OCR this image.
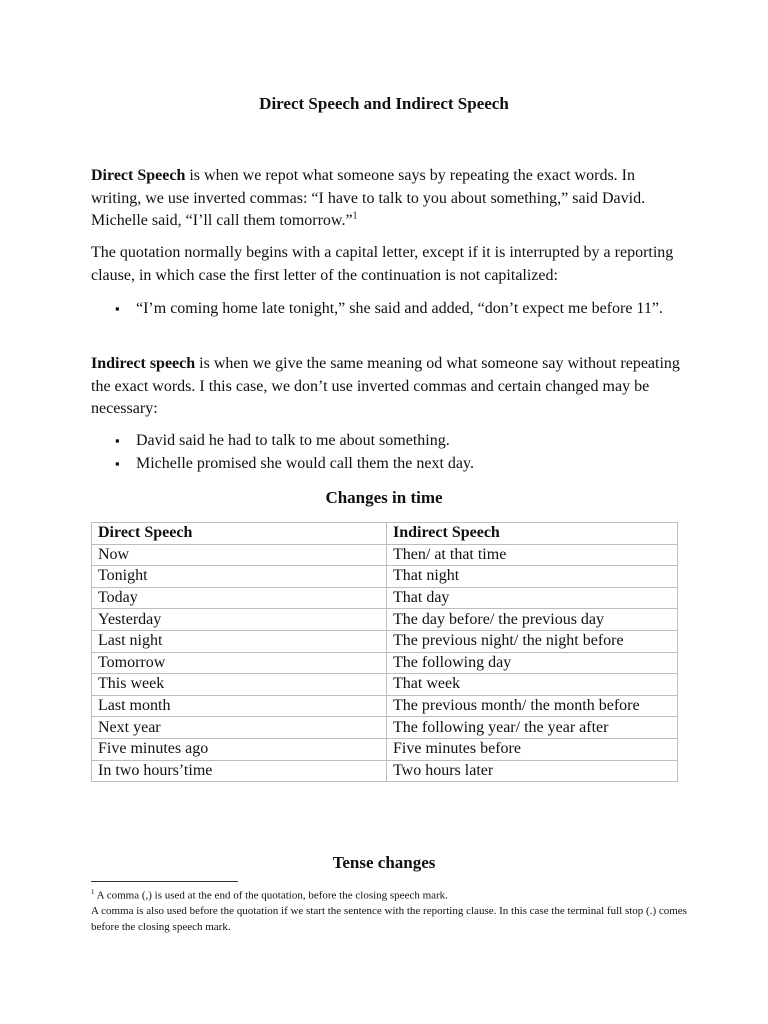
Direct Speech and Indirect Speech

Direct Speech is when we repot what someone says by repeating the exact words. In writing, we use inverted commas: “I have to talk to you about something,” said David. Michelle said, “I’ll call them tomorrow.”$^1$

The quotation normally begins with a capital letter, except if it is interrupted by a reporting clause, in which case the first letter of the continuation is not capitalized:

▪ “I’m coming home late tonight,” she said and added, “don’t expect me before 11”.

Indirect speech is when we give the same meaning od what someone say without repeating the exact words. I this case, we don’t use inverted commas and certain changed may be necessary:

▪ David said he had to talk to me about something.
▪ Michelle promised she would call them the next day.
Changes in time
Direct Speech	Indirect Speech
Now	Then/ at that time
Tonight	That night
Today	That day
Yesterday	The day before/ the previous day
Last night	The previous night/ the night before
Tomorrow	The following day
This week	That week
Last month	The previous month/ the month before
Next year	The following year/ the year after
Five minutes ago	Five minutes before
In two hours’time	Two hours later
Tense changes

$^1$ A comma (,) is used at the end of the quotation, before the closing speech mark.

A comma is also used before the quotation if we start the sentence with the reporting clause. In this case the terminal full stop (.) comes before the closing speech mark.
